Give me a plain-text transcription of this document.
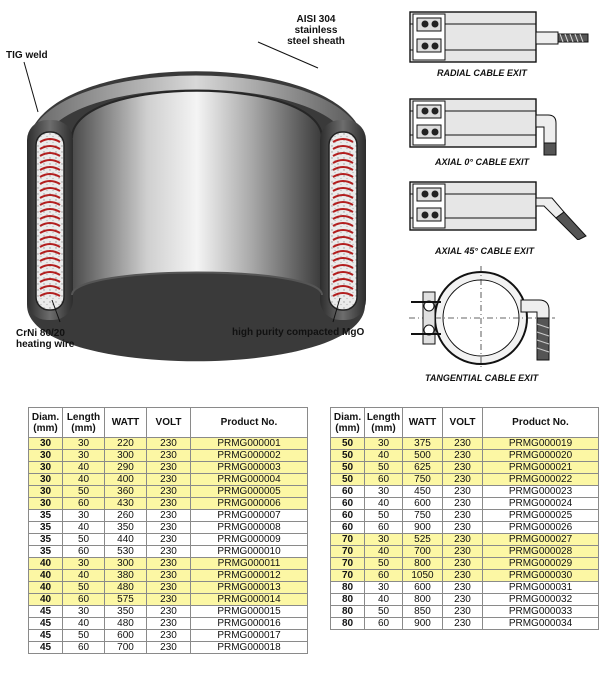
AISI 304
stainless
steel sheath
TIG weld
CrNi 80/20
heating wire
high purity compacted MgO
RADIAL CABLE EXIT
AXIAL 0° CABLE EXIT
AXIAL 45° CABLE EXIT
TANGENTIAL CABLE EXIT
Diam.
(mm)	Length
(mm)	WATT	VOLT	Product No.
30	30	220	230	PRMG000001
30	30	300	230	PRMG000002
30	40	290	230	PRMG000003
30	40	400	230	PRMG000004
30	50	360	230	PRMG000005
30	60	430	230	PRMG000006
35	30	260	230	PRMG000007
35	40	350	230	PRMG000008
35	50	440	230	PRMG000009
35	60	530	230	PRMG000010
40	30	300	230	PRMG000011
40	40	380	230	PRMG000012
40	50	480	230	PRMG000013
40	60	575	230	PRMG000014
45	30	350	230	PRMG000015
45	40	480	230	PRMG000016
45	50	600	230	PRMG000017
45	60	700	230	PRMG000018
Diam.
(mm)	Length
(mm)	WATT	VOLT	Product No.
50	30	375	230	PRMG000019
50	40	500	230	PRMG000020
50	50	625	230	PRMG000021
50	60	750	230	PRMG000022
60	30	450	230	PRMG000023
60	40	600	230	PRMG000024
60	50	750	230	PRMG000025
60	60	900	230	PRMG000026
70	30	525	230	PRMG000027
70	40	700	230	PRMG000028
70	50	800	230	PRMG000029
70	60	1050	230	PRMG000030
80	30	600	230	PRMG000031
80	40	800	230	PRMG000032
80	50	850	230	PRMG000033
80	60	900	230	PRMG000034
